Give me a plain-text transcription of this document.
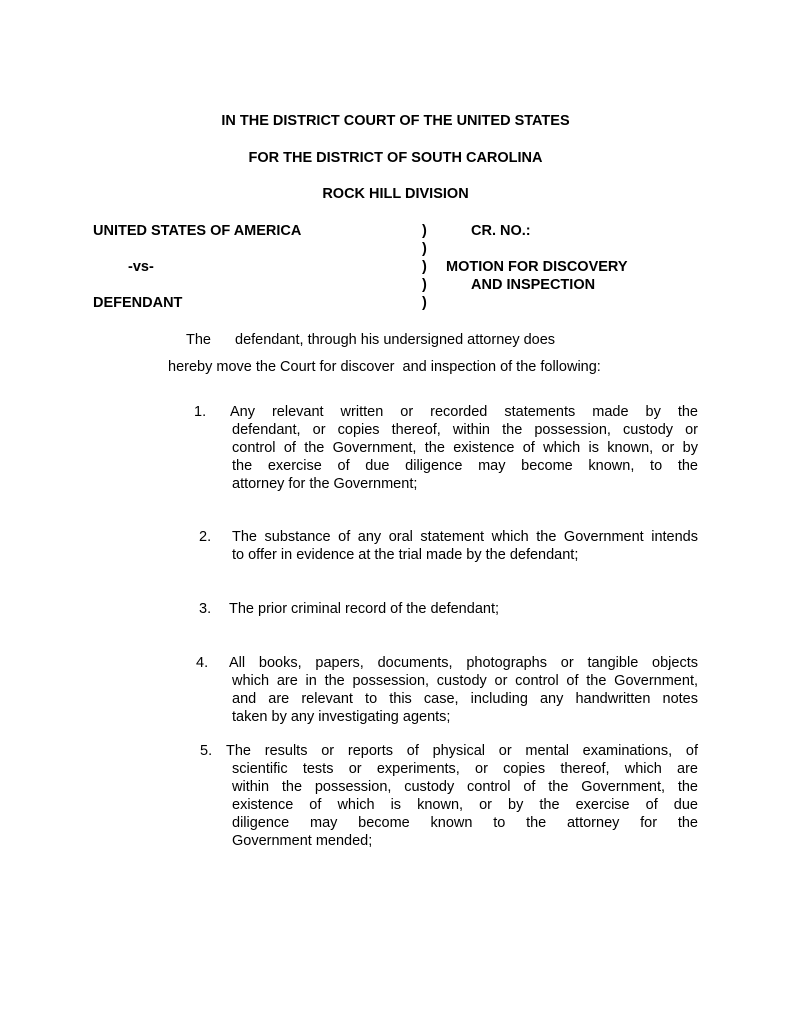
IN THE DISTRICT COURT OF THE UNITED STATES
FOR THE DISTRICT OF SOUTH CAROLINA
ROCK HILL DIVISION
UNITED STATES OF AMERICA
-vs-
DEFENDANT
)
)
)
)
)
CR. NO.:
MOTION FOR DISCOVERY
AND INSPECTION
The defendant, through his undersigned attorney does
hereby move the Court for discover  and inspection of the following:
1. Any relevant written or recorded statements made by the
defendant, or copies thereof, within the possession, custody or
control of the Government, the existence of which is known, or by
the exercise of due diligence may become known, to the
attorney for the Government;
2. The substance of any oral statement which the Government intends
to offer in evidence at the trial made by the defendant;
3. The prior criminal record of the defendant;
4. All books, papers, documents, photographs or tangible objects
which are in the possession, custody or control of the Government,
and are relevant to this case, including any handwritten notes
taken by any investigating agents;
5. The results or reports of physical or mental examinations, of
scientific tests or experiments, or copies thereof, which are
within the possession, custody control of the Government, the
existence of which is known, or by the exercise of due
diligence may become known to the attorney for the
Government mended;
